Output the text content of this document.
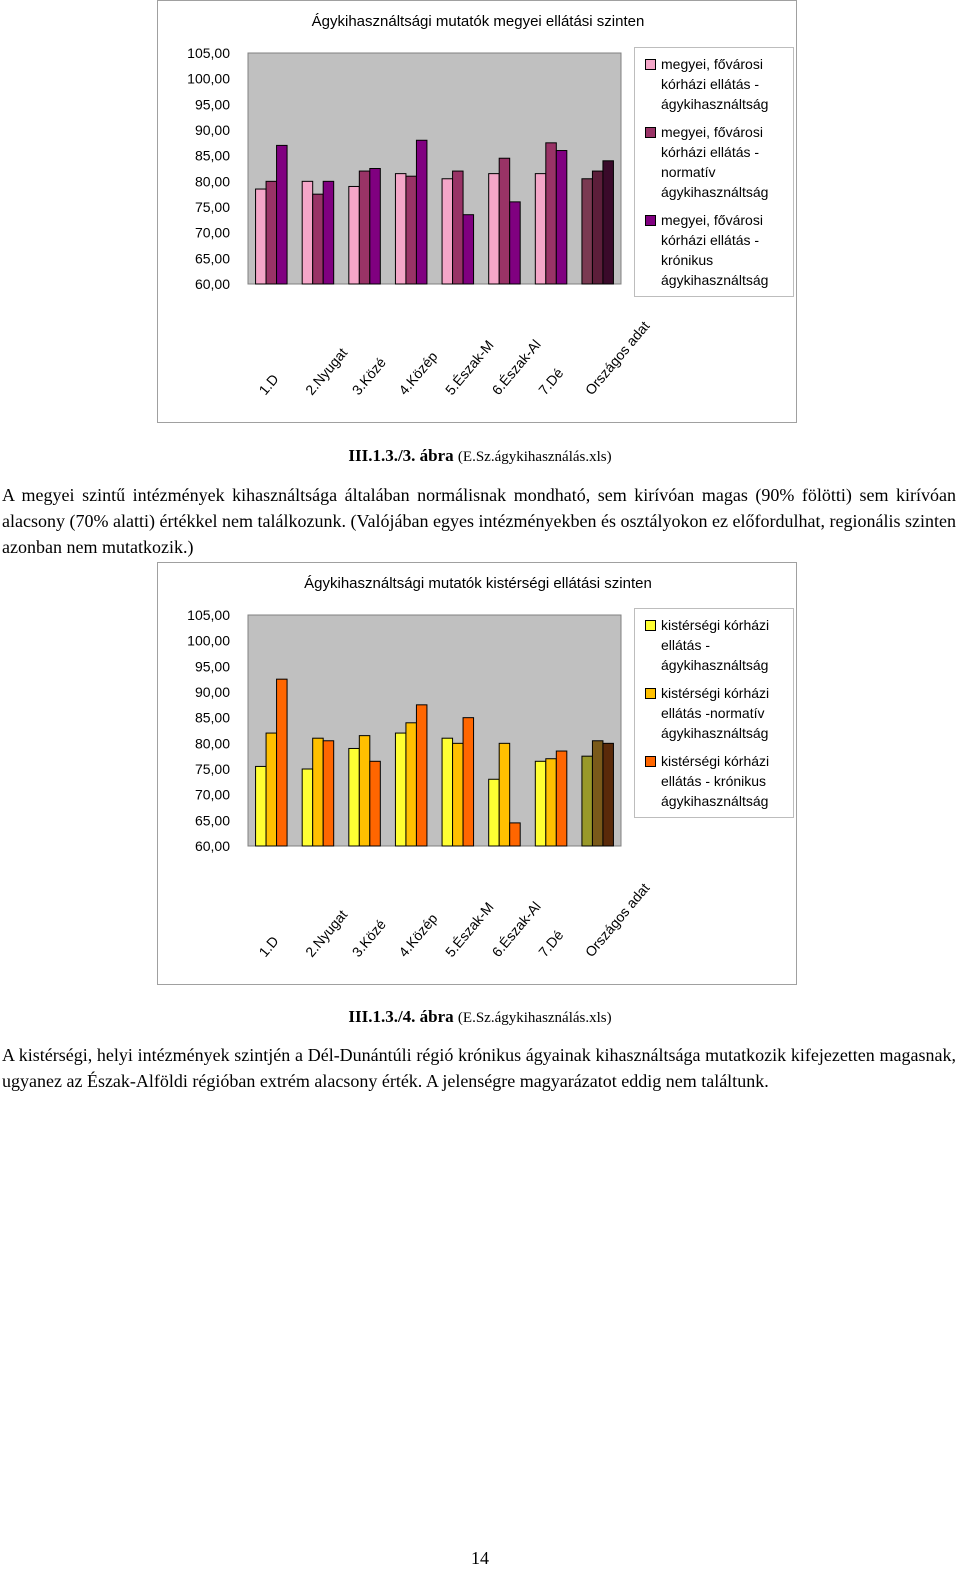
105,00
100,00
95,00
90,00
85,00
80,00
75,00
70,00
65,00
60,00
1.D 2.Nyugat
3.Közé 4.Közép 5.Észak-M
6.Észak-Al
7.Dé Országos adat
Ágykihasználtsági mutatók megyei ellátási szinten
megyei, fővárosi kórházi ellátás - ágykihasználtság
megyei, fővárosi kórházi ellátás - normatív ágykihasználtság
megyei, fővárosi kórházi ellátás - krónikus ágykihasználtság
III.1.3./3. ábra (E.Sz.ágykihasználás.xls)
A megyei szintű intézmények kihasználtsága általában normálisnak mondható, sem kirívóan magas (90% fölötti) sem kirívóan alacsony (70% alatti) értékkel nem találkozunk. (Valójában egyes intézményekben és osztályokon ez előfordulhat, regionális szinten azonban nem mutatkozik.)
105,00
100,00
95,00
90,00
85,00
80,00
75,00
70,00
65,00
60,00
1.D 2.Nyugat
3.Közé 4.Közép 5.Észak-M
6.Észak-Al
7.Dé Országos adat
Ágykihasználtsági mutatók kistérségi ellátási szinten
kistérségi kórházi ellátás - ágykihasználtság
kistérségi kórházi ellátás -normatív ágykihasználtság
kistérségi kórházi ellátás - krónikus ágykihasználtság
III.1.3./4. ábra (E.Sz.ágykihasználás.xls)
A kistérségi, helyi intézmények szintjén a Dél-Dunántúli régió krónikus ágyainak kihasználtsága mutatkozik kifejezetten magasnak, ugyanez az Észak-Alföldi régióban extrém alacsony érték. A jelenségre magyarázatot eddig nem találtunk.
14
